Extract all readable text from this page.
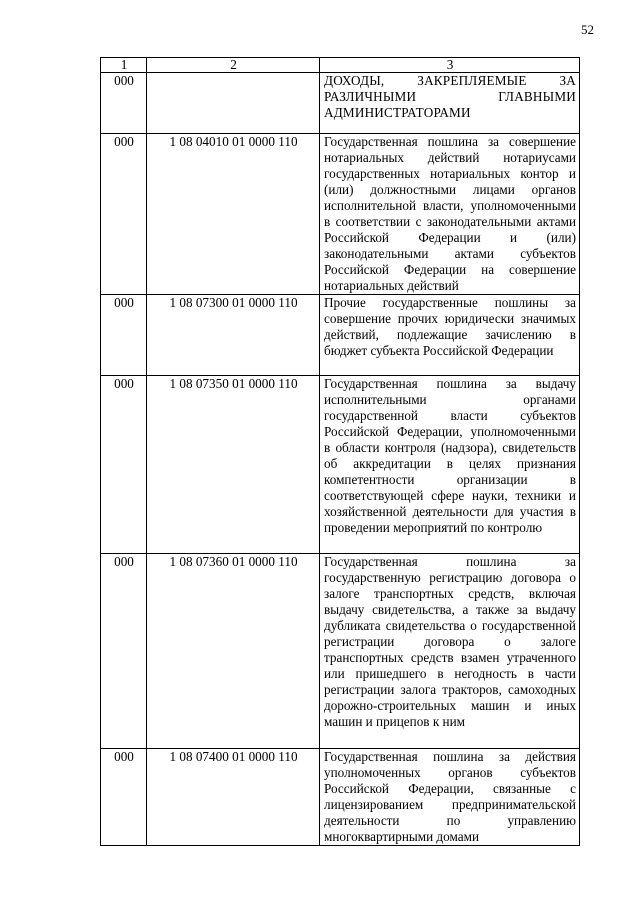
52
1	2	3
000		ДОХОДЫ, ЗАКРЕПЛЯЕМЫЕ ЗА РАЗЛИЧНЫМИ ГЛАВНЫМИ АДМИНИСТРАТОРАМИ
000	1 08 04010 01 0000 110	Государственная пошлина за совершение нотариальных действий нотариусами государственных нотариальных контор и (или) должностными лицами органов исполнительной власти, уполномоченными в соответствии с законодательными актами Российской Федерации и (или) законодательными актами субъектов Российской Федерации на совершение нотариальных действий
000	1 08 07300 01 0000 110	Прочие государственные пошлины за совершение прочих юридически значимых действий, подлежащие зачислению в бюджет субъекта Российской Федерации
000	1 08 07350 01 0000 110	Государственная пошлина за выдачу исполнительными органами государственной власти субъектов Российской Федерации, уполномоченными в области контроля (надзора), свидетельств об аккредитации в целях признания компетентности организации в соответствующей сфере науки, техники и хозяйственной деятельности для участия в проведении мероприятий по контролю
000	1 08 07360 01 0000 110	Государственная пошлина за государственную регистрацию договора о залоге транспортных средств, включая выдачу свидетельства, а также за выдачу дубликата свидетельства о государственной регистрации договора о залоге транспортных средств взамен утраченного или пришедшего в негодность в части регистрации залога тракторов, самоходных дорожно-строительных машин и иных машин и прицепов к ним
000	1 08 07400 01 0000 110	Государственная пошлина за действия уполномоченных органов субъектов Российской Федерации, связанные с лицензированием предпринимательской деятельности по управлению многоквартирными домами
